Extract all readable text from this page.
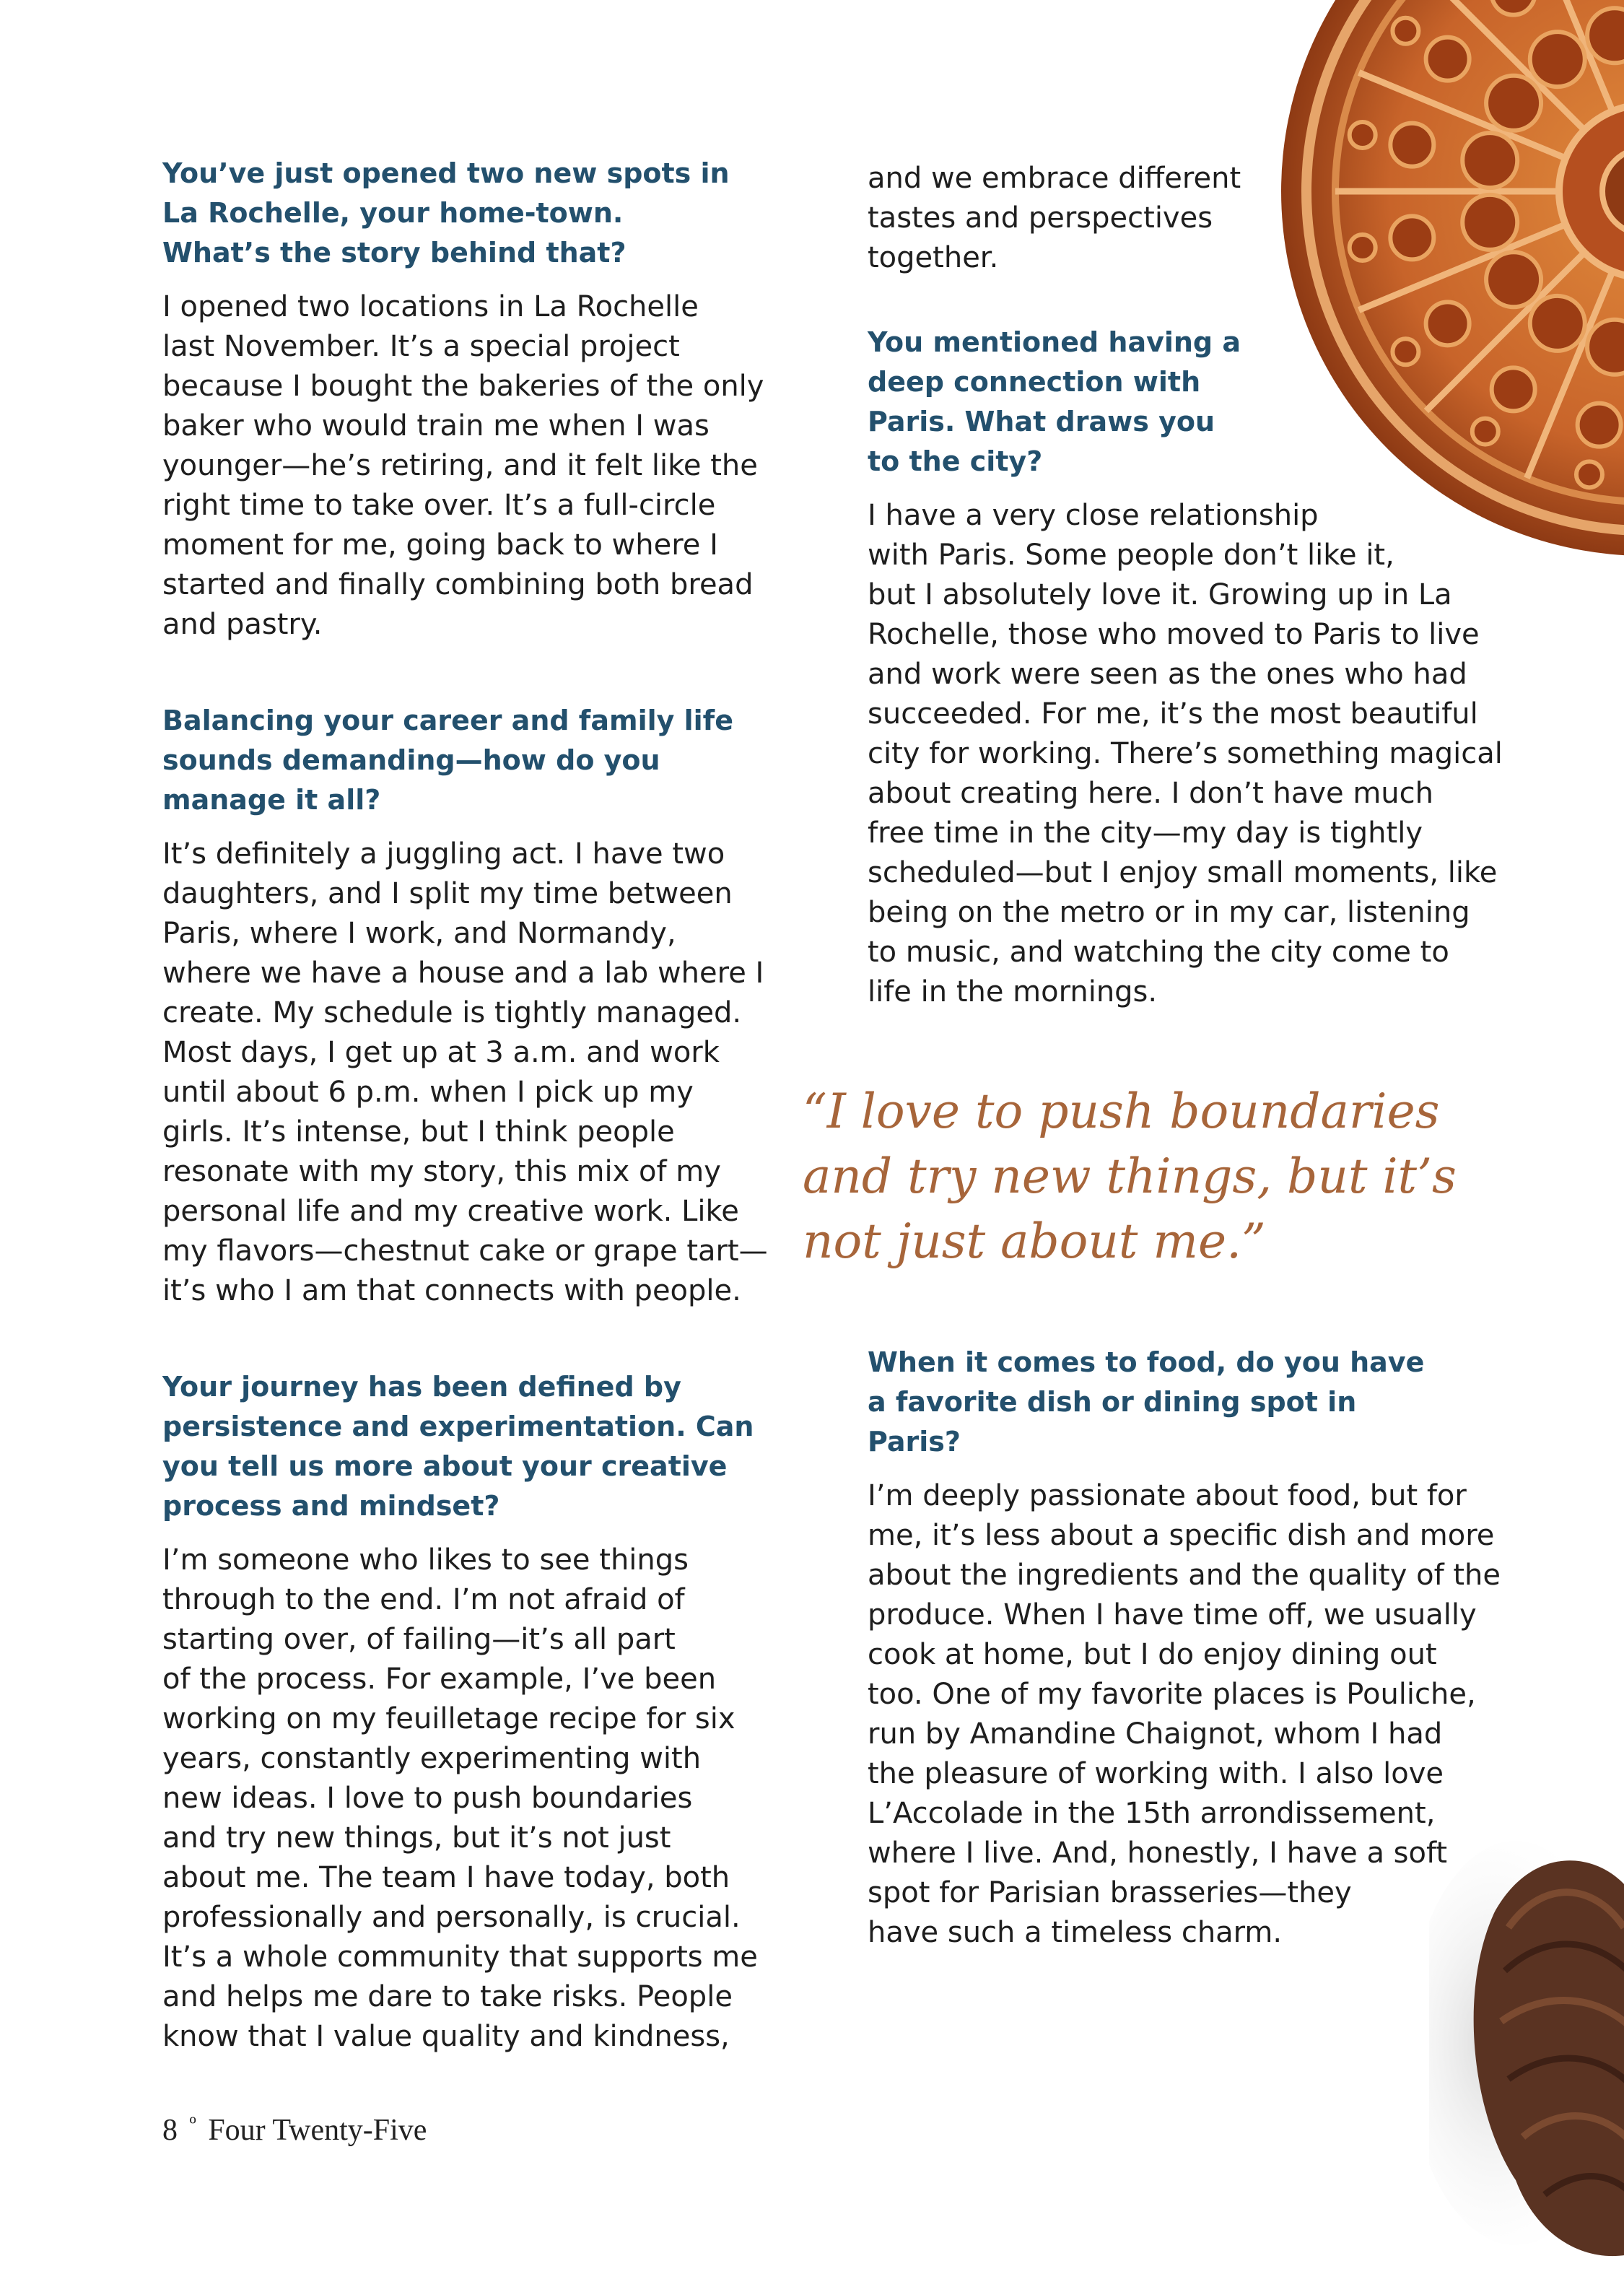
You’ve just opened two new spots in La Rochelle, your home-town. What’s the story behind that?

I opened two locations in La Rochelle
last November. It’s a special project
because I bought the bakeries of the only
baker who would train me when I was
younger—he’s retiring, and it felt like the
right time to take over. It’s a full-circle
moment for me, going back to where I
started and finally combining both bread
and pastry.

Balancing your career and family life sounds demanding—how do you manage it all?

It’s definitely a juggling act. I have two
daughters, and I split my time between
Paris, where I work, and Normandy,
where we have a house and a lab where I
create. My schedule is tightly managed.
Most days, I get up at 3 a.m. and work
until about 6 p.m. when I pick up my
girls. It’s intense, but I think people
resonate with my story, this mix of my
personal life and my creative work. Like
my flavors—chestnut cake or grape tart—
it’s who I am that connects with people.

Your journey has been defined by persistence and experimentation. Can you tell us more about your creative process and mindset?

I’m someone who likes to see things
through to the end. I’m not afraid of
starting over, of failing—it’s all part
of the process. For example, I’ve been
working on my feuilletage recipe for six
years, constantly experimenting with
new ideas. I love to push boundaries
and try new things, but it’s not just
about me. The team I have today, both
professionally and personally, is crucial.
It’s a whole community that supports me
and helps me dare to take risks. People
know that I value quality and kindness,

and we embrace different
tastes and perspectives
together.

You mentioned having a deep connection with Paris. What draws you to the city?

I have a very close relationship
with Paris. Some people don’t like it,
but I absolutely love it. Growing up in La
Rochelle, those who moved to Paris to live
and work were seen as the ones who had
succeeded. For me, it’s the most beautiful
city for working. There’s something magical
about creating here. I don’t have much
free time in the city—my day is tightly
scheduled—but I enjoy small moments, like
being on the metro or in my car, listening
to music, and watching the city come to
life in the mornings.

“I love to push boundaries
and try new things, but it’s
not just about me.”
When it comes to food, do you have a favorite dish or dining spot in Paris?

I’m deeply passionate about food, but for
me, it’s less about a specific dish and more
about the ingredients and the quality of the
produce. When I have time off, we usually
cook at home, but I do enjoy dining out
too. One of my favorite places is Pouliche,
run by Amandine Chaignot, whom I had
the pleasure of working with. I also love
L’Accolade in the 15th arrondissement,
where I live. And, honestly, I have a soft
spot for Parisian brasseries—they
have such a timeless charm.

8 $^º$ Four Twenty-Five
